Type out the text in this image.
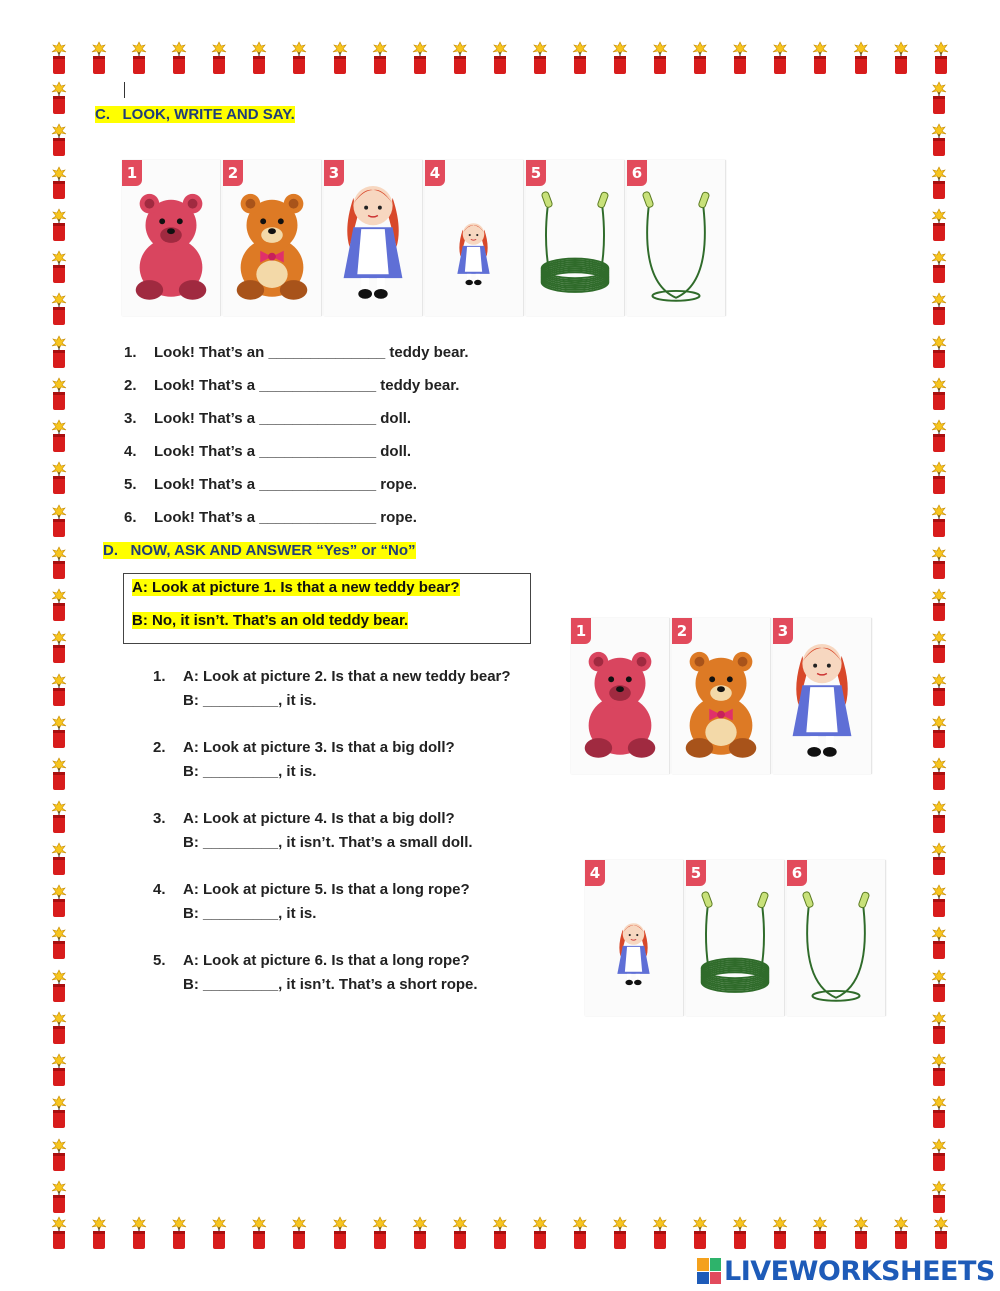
C.   LOOK, WRITE AND SAY.
1	2	3	4	5	6
1.	Look! That’s an ______________ teddy bear.
2.	Look! That’s a ______________ teddy bear.
3.	Look! That’s a ______________ doll.
4.	Look! That’s a ______________ doll.
5.	Look! That’s a ______________ rope.
6.	Look! That’s a ______________ rope.
D.   NOW, ASK AND ANSWER “Yes” or “No”
A: Look at picture 1. Is that a new teddy bear?
B: No, it isn’t. That’s an old teddy bear.
1.	A: Look at picture 2. Is that a new teddy bear?
B: _________, it is.
2.	A: Look at picture 3. Is that a big doll?
B: _________, it is.
3.	A: Look at picture 4. Is that a big doll?
B: _________, it isn’t. That’s a small doll.
4.	A: Look at picture 5. Is that a long rope?
B: _________, it is.
5.	A: Look at picture 6. Is that a long rope?
B: _________, it isn’t. That’s a short rope.
1	2	3
4	5	6
LIVEWORKSHEETS
